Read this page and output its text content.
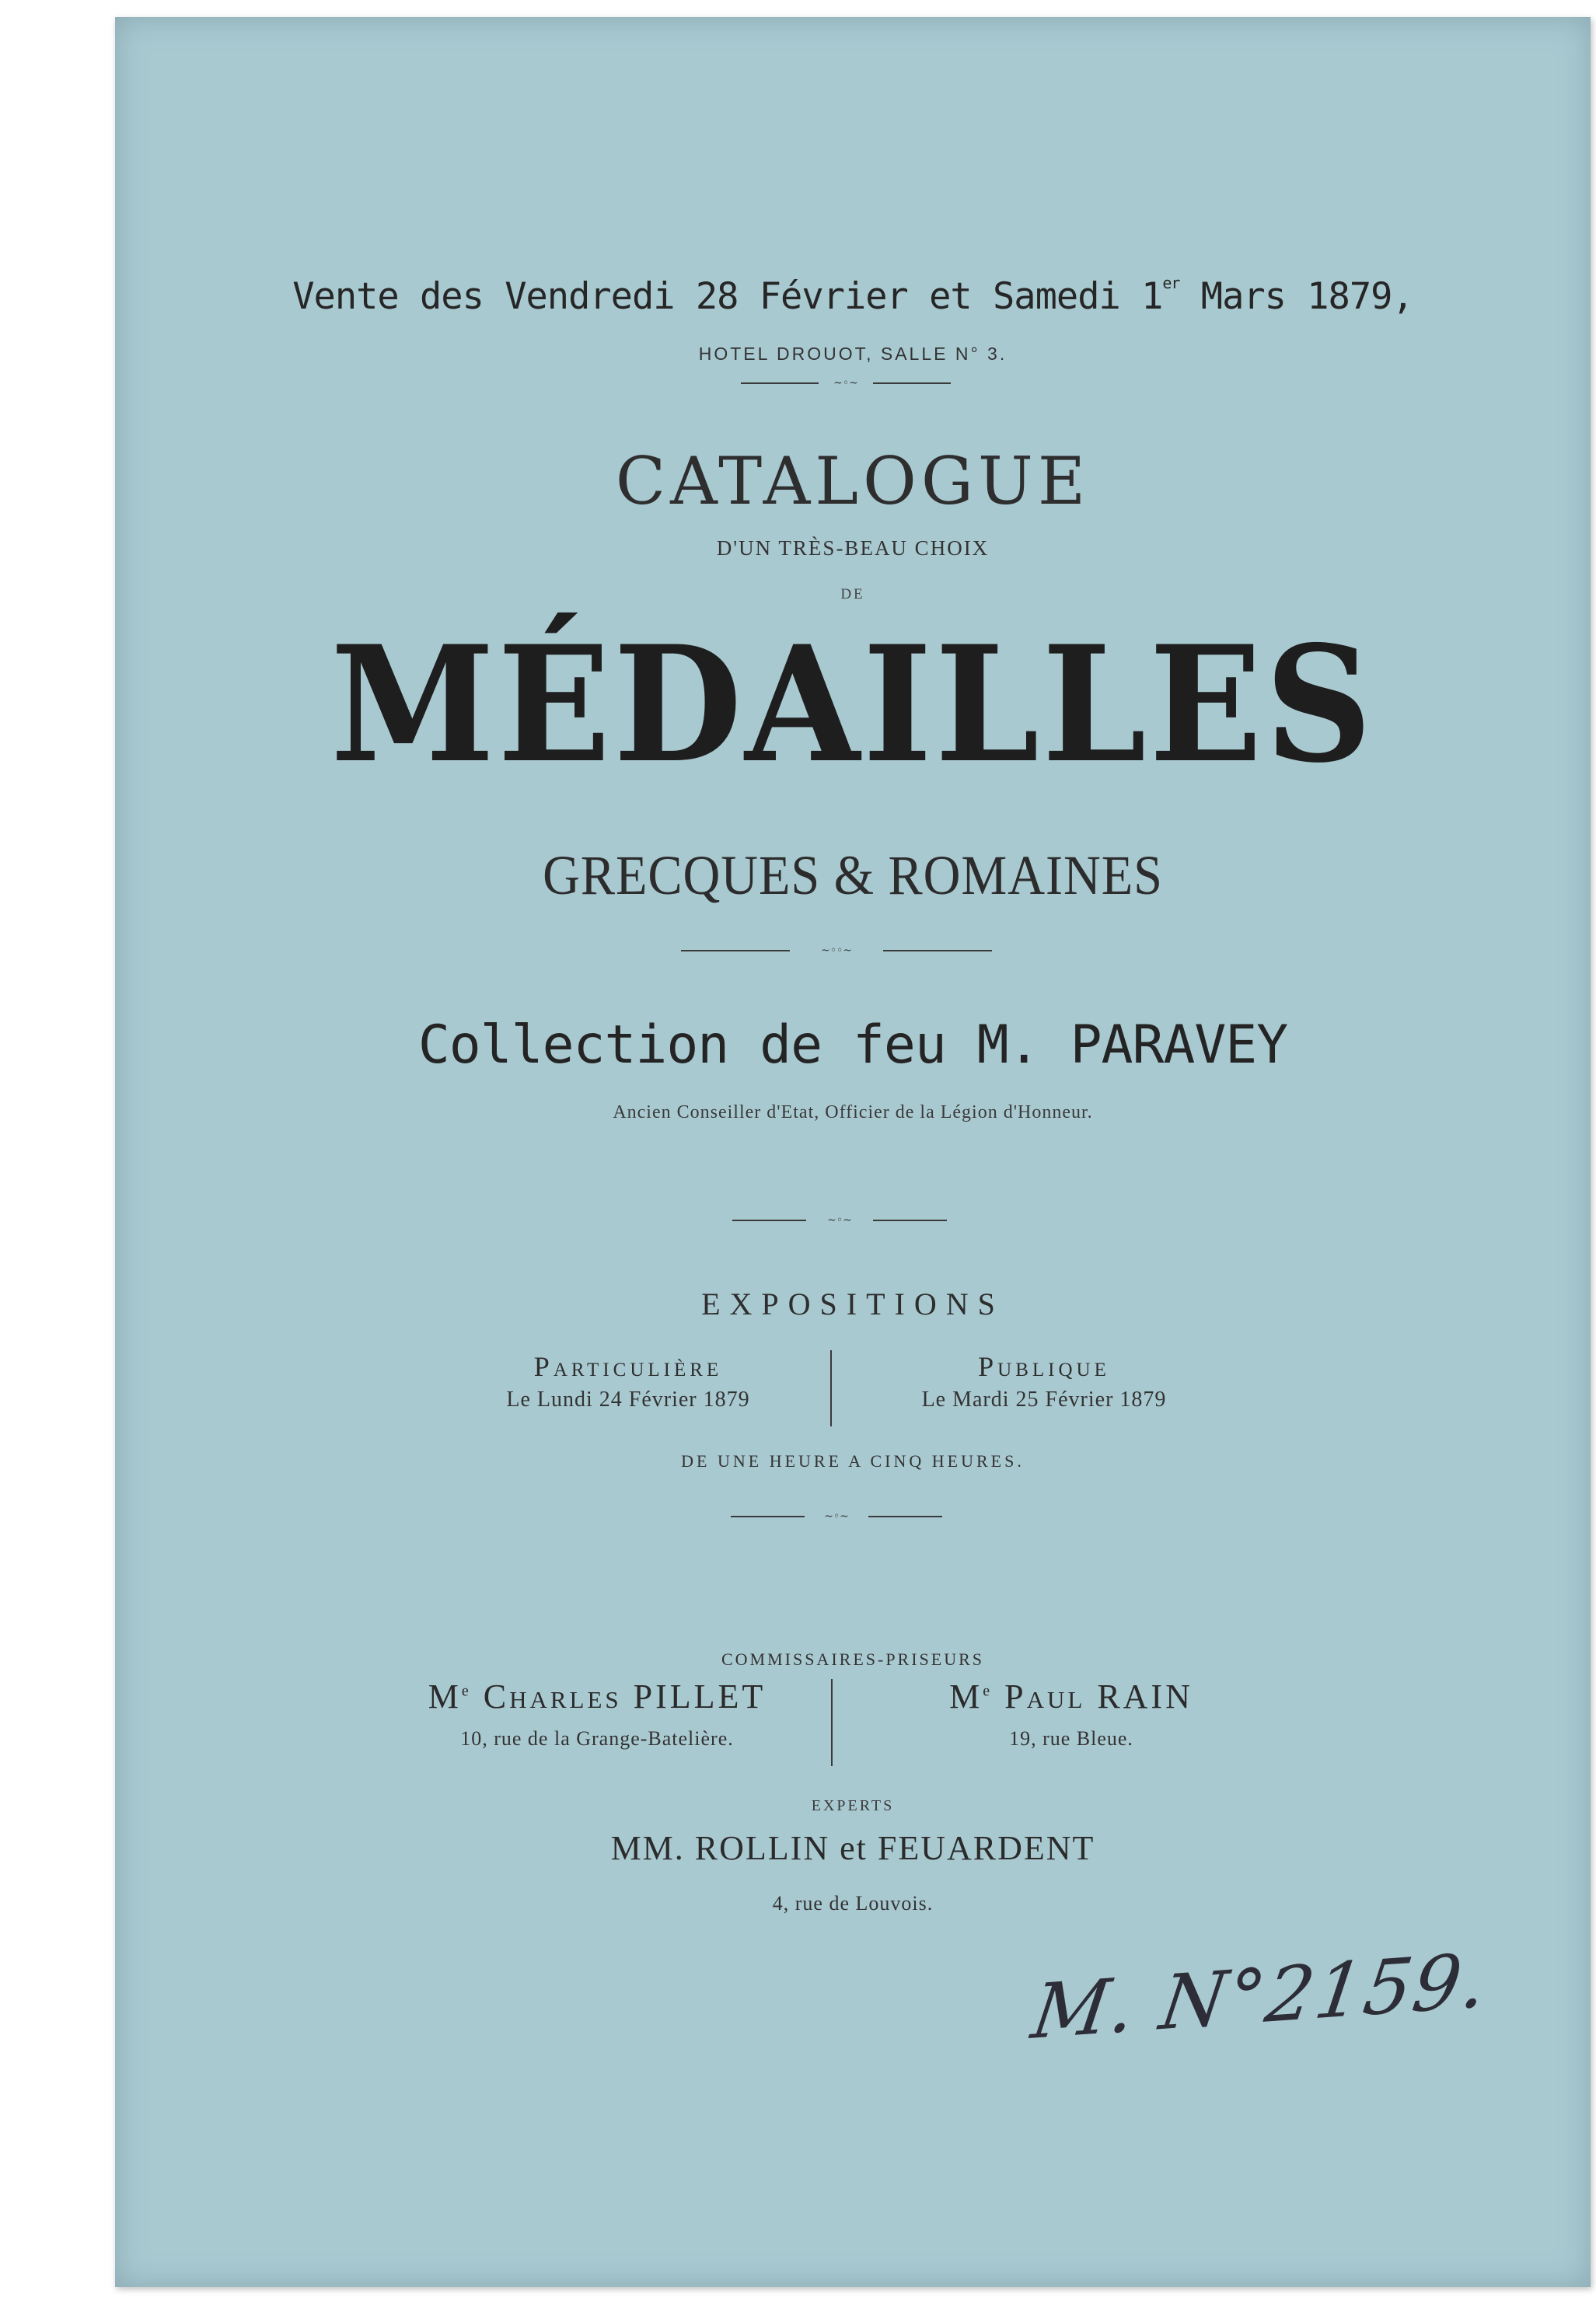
Vente des Vendredi 28 Février et Samedi 1er Mars 1879,
HOTEL DROUOT, SALLE N° 3.
~◦~
CATALOGUE
D'UN TRÈS-BEAU CHOIX
DE
MÉDAILLES
GRECQUES & ROMAINES
~◦◦~
Collection de feu M. PARAVEY
Ancien Conseiller d'Etat, Officier de la Légion d'Honneur.
~◦~
EXPOSITIONS
Particulière
Le Lundi 24 Février 1879
Publique
Le Mardi 25 Février 1879
DE UNE HEURE A CINQ HEURES.
~◦~
COMMISSAIRES-PRISEURS
Me Charles PILLET
10, rue de la Grange-Batelière.
Me Paul RAIN
19, rue Bleue.
EXPERTS
MM. ROLLIN et FEUARDENT
4, rue de Louvois.
M. N°2159.
